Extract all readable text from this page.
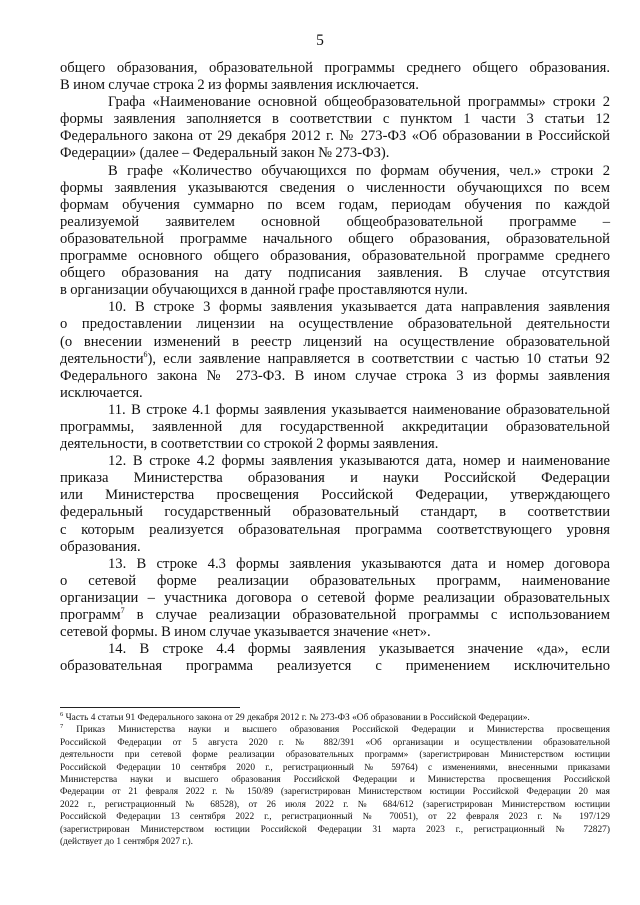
5

общего образования, образовательной программы среднего общего образования.
В ином случае строка 2 из формы заявления исключается.

Графа «Наименование основной общеобразовательной программы» строки 2
формы заявления заполняется в соответствии с пунктом 1 части 3 статьи 12
Федерального закона от 29 декабря 2012 г. № 273-ФЗ «Об образовании в Российской
Федерации» (далее – Федеральный закон № 273-ФЗ).

В графе «Количество обучающихся по формам обучения, чел.» строки 2
формы заявления указываются сведения о численности обучающихся по всем
формам обучения суммарно по всем годам, периодам обучения по каждой
реализуемой заявителем основной общеобразовательной программе –
образовательной программе начального общего образования, образовательной
программе основного общего образования, образовательной программе среднего
общего образования на дату подписания заявления. В случае отсутствия
в организации обучающихся в данной графе проставляются нули.

10. В строке 3 формы заявления указывается дата направления заявления
о предоставлении лицензии на осуществление образовательной деятельности
(о внесении изменений в реестр лицензий на осуществление образовательной
деятельности$^6$), если заявление направляется в соответствии с частью 10 статьи 92
Федерального закона № 273-ФЗ. В ином случае строка 3 из формы заявления
исключается.

11. В строке 4.1 формы заявления указывается наименование образовательной
программы, заявленной для государственной аккредитации образовательной
деятельности, в соответствии со строкой 2 формы заявления.

12. В строке 4.2 формы заявления указываются дата, номер и наименование
приказа Министерства образования и науки Российской Федерации
или Министерства просвещения Российской Федерации, утверждающего
федеральный государственный образовательный стандарт, в соответствии
с которым реализуется образовательная программа соответствующего уровня
образования.

13. В строке 4.3 формы заявления указываются дата и номер договора
о сетевой форме реализации образовательных программ, наименование
организации – участника договора о сетевой форме реализации образовательных
программ$^7$ в случае реализации образовательной программы с использованием
сетевой формы. В ином случае указывается значение «нет».

14. В строке 4.4 формы заявления указывается значение «да», если
образовательная программа реализуется с применением исключительно

$^6$ Часть 4 статьи 91 Федерального закона от 29 декабря 2012 г. № 273-ФЗ «Об образовании в Российской Федерации».
$^7$ Приказ Министерства науки и высшего образования Российской Федерации и Министерства просвещения
Российской Федерации от 5 августа 2020 г. № 882/391 «Об организации и осуществлении образовательной
деятельности при сетевой форме реализации образовательных программ» (зарегистрирован Министерством юстиции
Российской Федерации 10 сентября 2020 г., регистрационный № 59764) с изменениями, внесенными приказами
Министерства науки и высшего образования Российской Федерации и Министерства просвещения Российской
Федерации от 21 февраля 2022 г. № 150/89 (зарегистрирован Министерством юстиции Российской Федерации 20 мая
2022 г., регистрационный № 68528), от 26 июля 2022 г. № 684/612 (зарегистрирован Министерством юстиции
Российской Федерации 13 сентября 2022 г., регистрационный № 70051), от 22 февраля 2023 г. № 197/129
(зарегистрирован Министерством юстиции Российской Федерации 31 марта 2023 г., регистрационный № 72827)
(действует до 1 сентября 2027 г.).
